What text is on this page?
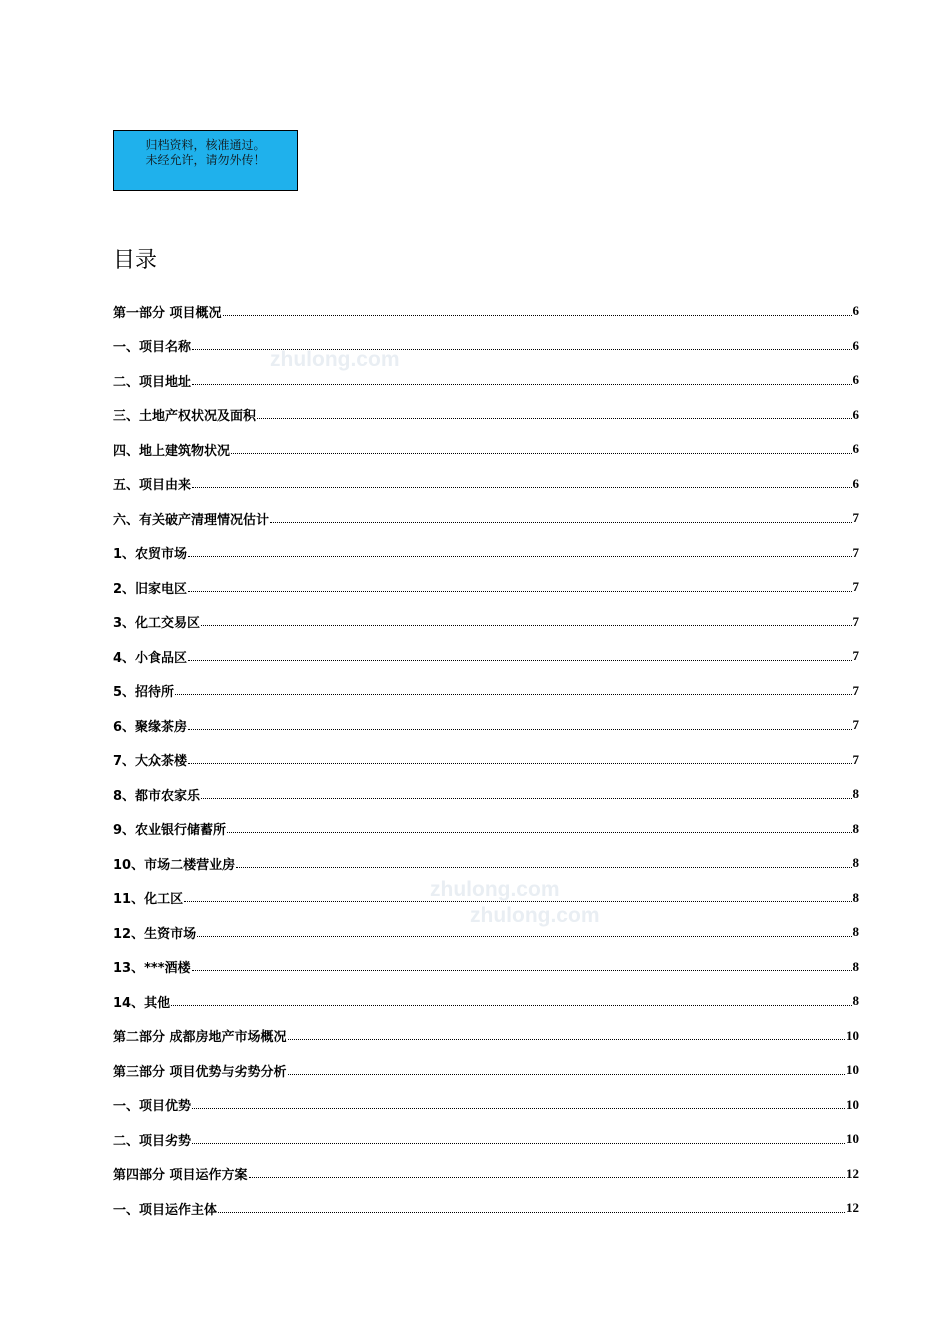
zhulong.com
zhulong.com
zhulong.com
归档资料，核准通过。
未经允许，请勿外传！
目录
第一部分 项目概况	6
一、项目名称	6
二、项目地址	6
三、土地产权状况及面积	6
四、地上建筑物状况	6
五、项目由来	6
六、有关破产清理情况估计	7
1、农贸市场	7
2、旧家电区	7
3、化工交易区	7
4、小食品区	7
5、招待所	7
6、聚缘茶房	7
7、大众茶楼	7
8、都市农家乐	8
9、农业银行储蓄所	8
10、市场二楼营业房	8
11、化工区	8
12、生资市场	8
13、***酒楼	8
14、其他	8
第二部分 成都房地产市场概况	10
第三部分 项目优势与劣势分析	10
一、项目优势	10
二、项目劣势	10
第四部分 项目运作方案	12
一、项目运作主体	12
